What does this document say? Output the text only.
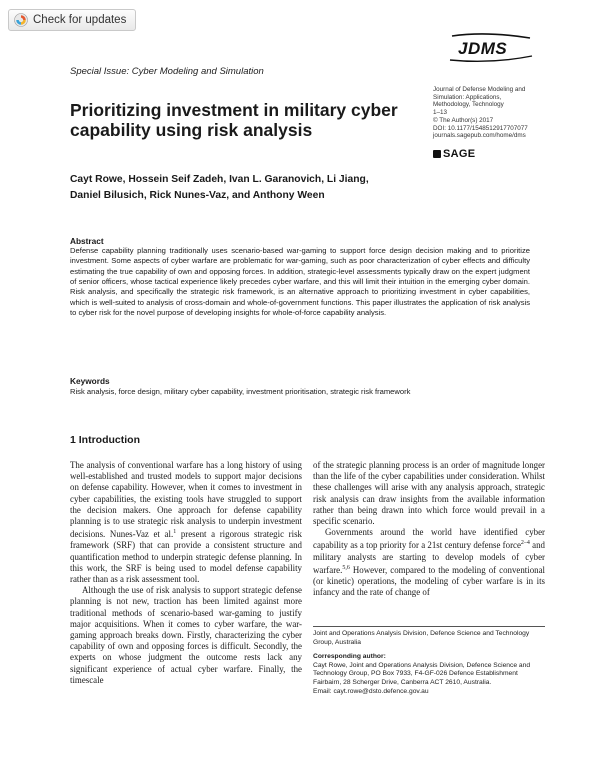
Check for updates
JDMS
Special Issue: Cyber Modeling and Simulation
Journal of Defense Modeling and
Simulation: Applications,
Methodology, Technology
1–13
© The Author(s) 2017
DOI: 10.1177/1548512917707077
journals.sagepub.com/home/dms
SAGE
Prioritizing investment in military cyber capability using risk analysis
Cayt Rowe, Hossein Seif Zadeh, Ivan L. Garanovich, Li Jiang,
Daniel Bilusich, Rick Nunes-Vaz, and Anthony Ween
Abstract
Defense capability planning traditionally uses scenario-based war-gaming to support force design decision making and to prioritize investment. Some aspects of cyber warfare are problematic for war-gaming, such as poor characterization of cyber effects and difficulty estimating the true capability of own and opposing forces. In addition, strategic-level assessments typically draw on the expert judgment of senior officers, whose tactical experience likely precedes cyber warfare, and this will limit their intuition in the emerging cyber domain. Risk analysis, and specifically the strategic risk framework, is an alternative approach to prioritizing investment in cyber capabilities, which is well-suited to analysis of cross-domain and whole-of-government functions. This paper illustrates the application of risk analysis to cyber risk for the novel purpose of developing insights for whole-of-force capability analysis.
Keywords
Risk analysis, force design, military cyber capability, investment prioritisation, strategic risk framework
1 Introduction

The analysis of conventional warfare has a long history of using well-established and trusted models to support major decisions on defense capability. However, when it comes to investment in cyber capabilities, the existing tools have struggled to support the decision makers. One approach for defense capability planning is to use strategic risk analysis to underpin investment decisions. Nunes-Vaz et al.$^1$ present a rigorous strategic risk framework (SRF) that can provide a consistent structure and quantification method to underpin strategic defense planning. In this work, the SRF is being used to model defense capability rather than as a risk assessment tool.

Although the use of risk analysis to support strategic defense planning is not new, traction has been limited against more traditional methods of scenario-based war-gaming to justify major acquisitions. When it comes to cyber warfare, the war-gaming approach breaks down. Firstly, characterizing the cyber capability of own and opposing forces is difficult. Secondly, the experts on whose judgment the outcome rests lack any significant experience of actual cyber warfare. Finally, the timescale

of the strategic planning process is an order of magnitude longer than the life of the cyber capabilities under consideration. Whilst these challenges will arise with any analysis approach, strategic risk analysis can draw insights from the available information rather than being drawn into which force would prevail in a specific scenario.

Governments around the world have identified cyber capability as a top priority for a 21st century defense force$^{2-4}$ and military analysts are starting to develop models of cyber warfare.$^{5,6}$ However, compared to the modeling of conventional (or kinetic) operations, the modeling of cyber warfare is in its infancy and the rate of change of

Joint and Operations Analysis Division, Defence Science and Technology Group, Australia
Corresponding author:
Cayt Rowe, Joint and Operations Analysis Division, Defence Science and Technology Group, PO Box 7933, F4-GF-026 Defence Establishment Fairbairn, 28 Scherger Drive, Canberra ACT 2610, Australia.
Email: cayt.rowe@dsto.defence.gov.au
